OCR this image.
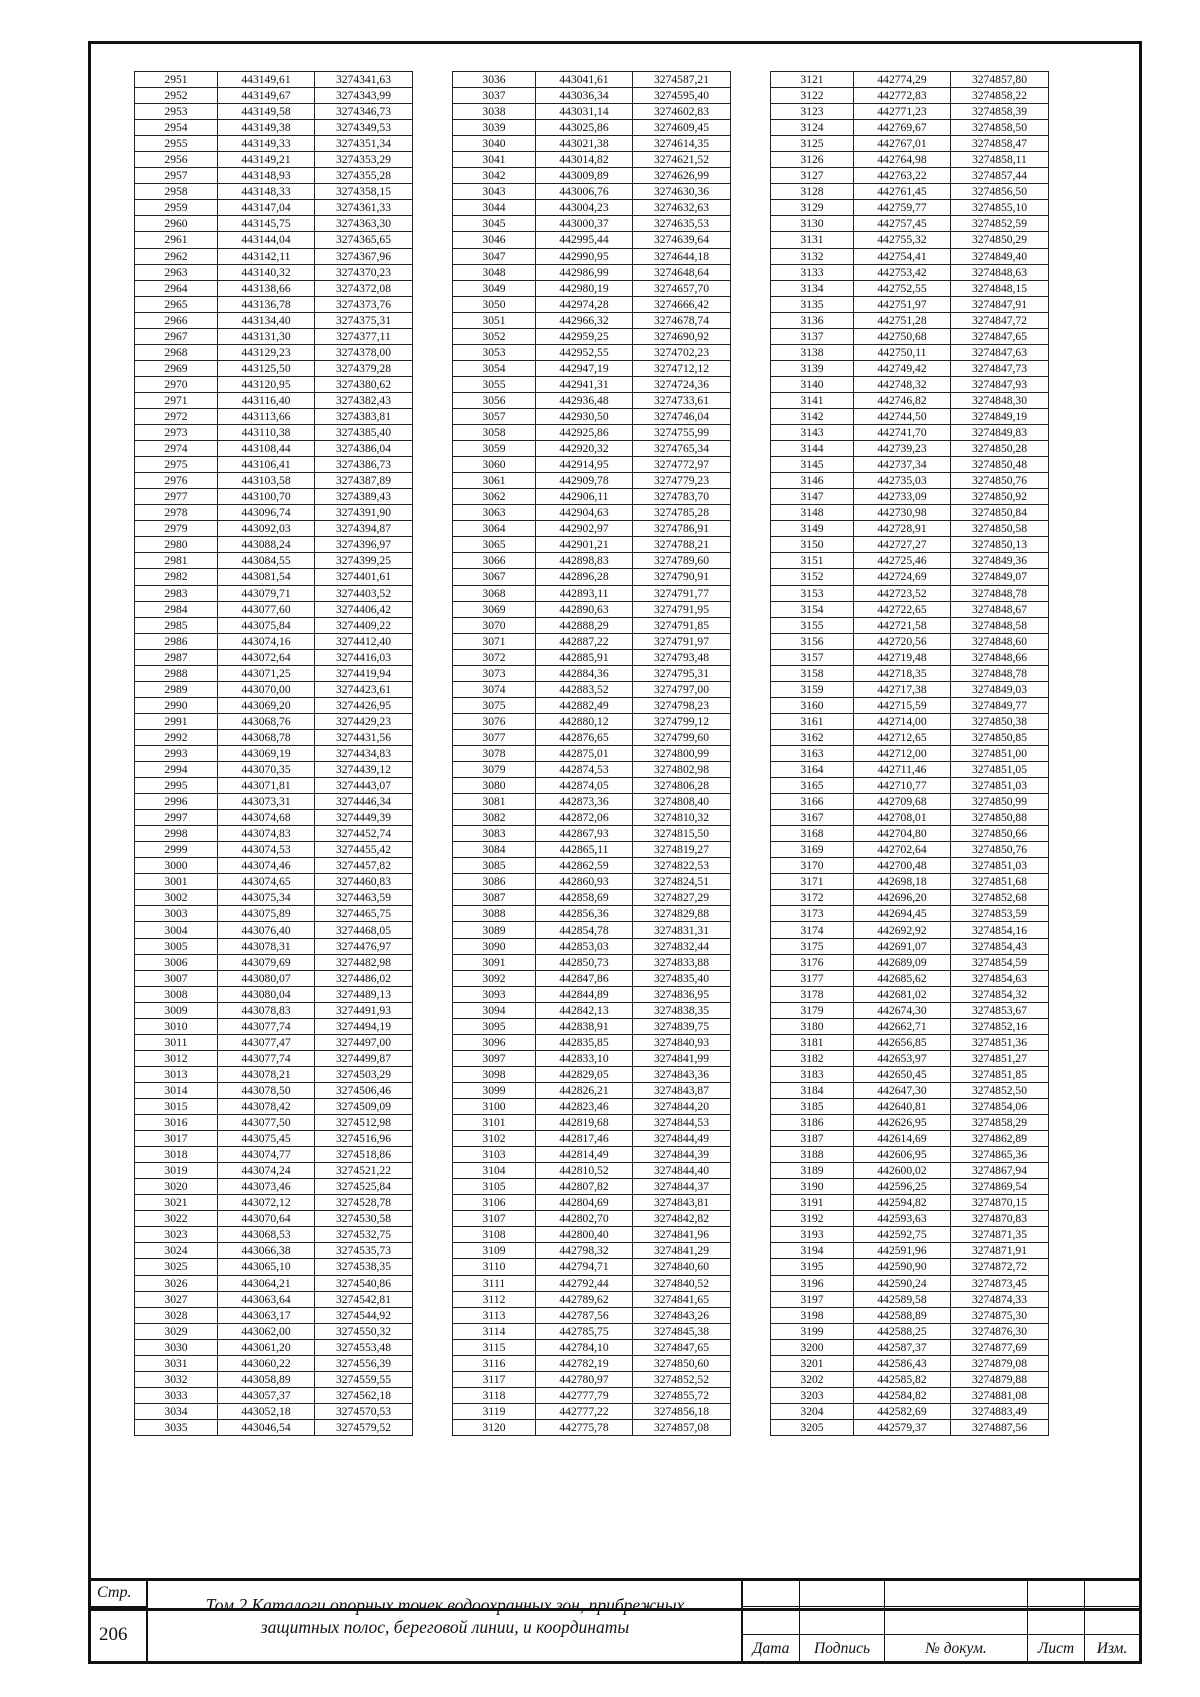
2951	443149,61	3274341,63
2952	443149,67	3274343,99
2953	443149,58	3274346,73
2954	443149,38	3274349,53
2955	443149,33	3274351,34
2956	443149,21	3274353,29
2957	443148,93	3274355,28
2958	443148,33	3274358,15
2959	443147,04	3274361,33
2960	443145,75	3274363,30
2961	443144,04	3274365,65
2962	443142,11	3274367,96
2963	443140,32	3274370,23
2964	443138,66	3274372,08
2965	443136,78	3274373,76
2966	443134,40	3274375,31
2967	443131,30	3274377,11
2968	443129,23	3274378,00
2969	443125,50	3274379,28
2970	443120,95	3274380,62
2971	443116,40	3274382,43
2972	443113,66	3274383,81
2973	443110,38	3274385,40
2974	443108,44	3274386,04
2975	443106,41	3274386,73
2976	443103,58	3274387,89
2977	443100,70	3274389,43
2978	443096,74	3274391,90
2979	443092,03	3274394,87
2980	443088,24	3274396,97
2981	443084,55	3274399,25
2982	443081,54	3274401,61
2983	443079,71	3274403,52
2984	443077,60	3274406,42
2985	443075,84	3274409,22
2986	443074,16	3274412,40
2987	443072,64	3274416,03
2988	443071,25	3274419,94
2989	443070,00	3274423,61
2990	443069,20	3274426,95
2991	443068,76	3274429,23
2992	443068,78	3274431,56
2993	443069,19	3274434,83
2994	443070,35	3274439,12
2995	443071,81	3274443,07
2996	443073,31	3274446,34
2997	443074,68	3274449,39
2998	443074,83	3274452,74
2999	443074,53	3274455,42
3000	443074,46	3274457,82
3001	443074,65	3274460,83
3002	443075,34	3274463,59
3003	443075,89	3274465,75
3004	443076,40	3274468,05
3005	443078,31	3274476,97
3006	443079,69	3274482,98
3007	443080,07	3274486,02
3008	443080,04	3274489,13
3009	443078,83	3274491,93
3010	443077,74	3274494,19
3011	443077,47	3274497,00
3012	443077,74	3274499,87
3013	443078,21	3274503,29
3014	443078,50	3274506,46
3015	443078,42	3274509,09
3016	443077,50	3274512,98
3017	443075,45	3274516,96
3018	443074,77	3274518,86
3019	443074,24	3274521,22
3020	443073,46	3274525,84
3021	443072,12	3274528,78
3022	443070,64	3274530,58
3023	443068,53	3274532,75
3024	443066,38	3274535,73
3025	443065,10	3274538,35
3026	443064,21	3274540,86
3027	443063,64	3274542,81
3028	443063,17	3274544,92
3029	443062,00	3274550,32
3030	443061,20	3274553,48
3031	443060,22	3274556,39
3032	443058,89	3274559,55
3033	443057,37	3274562,18
3034	443052,18	3274570,53
3035	443046,54	3274579,52
3036	443041,61	3274587,21
3037	443036,34	3274595,40
3038	443031,14	3274602,83
3039	443025,86	3274609,45
3040	443021,38	3274614,35
3041	443014,82	3274621,52
3042	443009,89	3274626,99
3043	443006,76	3274630,36
3044	443004,23	3274632,63
3045	443000,37	3274635,53
3046	442995,44	3274639,64
3047	442990,95	3274644,18
3048	442986,99	3274648,64
3049	442980,19	3274657,70
3050	442974,28	3274666,42
3051	442966,32	3274678,74
3052	442959,25	3274690,92
3053	442952,55	3274702,23
3054	442947,19	3274712,12
3055	442941,31	3274724,36
3056	442936,48	3274733,61
3057	442930,50	3274746,04
3058	442925,86	3274755,99
3059	442920,32	3274765,34
3060	442914,95	3274772,97
3061	442909,78	3274779,23
3062	442906,11	3274783,70
3063	442904,63	3274785,28
3064	442902,97	3274786,91
3065	442901,21	3274788,21
3066	442898,83	3274789,60
3067	442896,28	3274790,91
3068	442893,11	3274791,77
3069	442890,63	3274791,95
3070	442888,29	3274791,85
3071	442887,22	3274791,97
3072	442885,91	3274793,48
3073	442884,36	3274795,31
3074	442883,52	3274797,00
3075	442882,49	3274798,23
3076	442880,12	3274799,12
3077	442876,65	3274799,60
3078	442875,01	3274800,99
3079	442874,53	3274802,98
3080	442874,05	3274806,28
3081	442873,36	3274808,40
3082	442872,06	3274810,32
3083	442867,93	3274815,50
3084	442865,11	3274819,27
3085	442862,59	3274822,53
3086	442860,93	3274824,51
3087	442858,69	3274827,29
3088	442856,36	3274829,88
3089	442854,78	3274831,31
3090	442853,03	3274832,44
3091	442850,73	3274833,88
3092	442847,86	3274835,40
3093	442844,89	3274836,95
3094	442842,13	3274838,35
3095	442838,91	3274839,75
3096	442835,85	3274840,93
3097	442833,10	3274841,99
3098	442829,05	3274843,36
3099	442826,21	3274843,87
3100	442823,46	3274844,20
3101	442819,68	3274844,53
3102	442817,46	3274844,49
3103	442814,49	3274844,39
3104	442810,52	3274844,40
3105	442807,82	3274844,37
3106	442804,69	3274843,81
3107	442802,70	3274842,82
3108	442800,40	3274841,96
3109	442798,32	3274841,29
3110	442794,71	3274840,60
3111	442792,44	3274840,52
3112	442789,62	3274841,65
3113	442787,56	3274843,26
3114	442785,75	3274845,38
3115	442784,10	3274847,65
3116	442782,19	3274850,60
3117	442780,97	3274852,52
3118	442777,79	3274855,72
3119	442777,22	3274856,18
3120	442775,78	3274857,08
3121	442774,29	3274857,80
3122	442772,83	3274858,22
3123	442771,23	3274858,39
3124	442769,67	3274858,50
3125	442767,01	3274858,47
3126	442764,98	3274858,11
3127	442763,22	3274857,44
3128	442761,45	3274856,50
3129	442759,77	3274855,10
3130	442757,45	3274852,59
3131	442755,32	3274850,29
3132	442754,41	3274849,40
3133	442753,42	3274848,63
3134	442752,55	3274848,15
3135	442751,97	3274847,91
3136	442751,28	3274847,72
3137	442750,68	3274847,65
3138	442750,11	3274847,63
3139	442749,42	3274847,73
3140	442748,32	3274847,93
3141	442746,82	3274848,30
3142	442744,50	3274849,19
3143	442741,70	3274849,83
3144	442739,23	3274850,28
3145	442737,34	3274850,48
3146	442735,03	3274850,76
3147	442733,09	3274850,92
3148	442730,98	3274850,84
3149	442728,91	3274850,58
3150	442727,27	3274850,13
3151	442725,46	3274849,36
3152	442724,69	3274849,07
3153	442723,52	3274848,78
3154	442722,65	3274848,67
3155	442721,58	3274848,58
3156	442720,56	3274848,60
3157	442719,48	3274848,66
3158	442718,35	3274848,78
3159	442717,38	3274849,03
3160	442715,59	3274849,77
3161	442714,00	3274850,38
3162	442712,65	3274850,85
3163	442712,00	3274851,00
3164	442711,46	3274851,05
3165	442710,77	3274851,03
3166	442709,68	3274850,99
3167	442708,01	3274850,88
3168	442704,80	3274850,66
3169	442702,64	3274850,76
3170	442700,48	3274851,03
3171	442698,18	3274851,68
3172	442696,20	3274852,68
3173	442694,45	3274853,59
3174	442692,92	3274854,16
3175	442691,07	3274854,43
3176	442689,09	3274854,59
3177	442685,62	3274854,63
3178	442681,02	3274854,32
3179	442674,30	3274853,67
3180	442662,71	3274852,16
3181	442656,85	3274851,36
3182	442653,97	3274851,27
3183	442650,45	3274851,85
3184	442647,30	3274852,50
3185	442640,81	3274854,06
3186	442626,95	3274858,29
3187	442614,69	3274862,89
3188	442606,95	3274865,36
3189	442600,02	3274867,94
3190	442596,25	3274869,54
3191	442594,82	3274870,15
3192	442593,63	3274870,83
3193	442592,75	3274871,35
3194	442591,96	3274871,91
3195	442590,90	3274872,72
3196	442590,24	3274873,45
3197	442589,58	3274874,33
3198	442588,89	3274875,30
3199	442588,25	3274876,30
3200	442587,37	3274877,69
3201	442586,43	3274879,08
3202	442585,82	3274879,88
3203	442584,82	3274881,08
3204	442582,69	3274883,49
3205	442579,37	3274887,56
Стр.
206
Том.2 Каталоги опорных точек водоохранных зон, прибрежных
защитных полос, береговой линии, и координаты
Дата	Подпись	№ докум.	Лист	Изм.
